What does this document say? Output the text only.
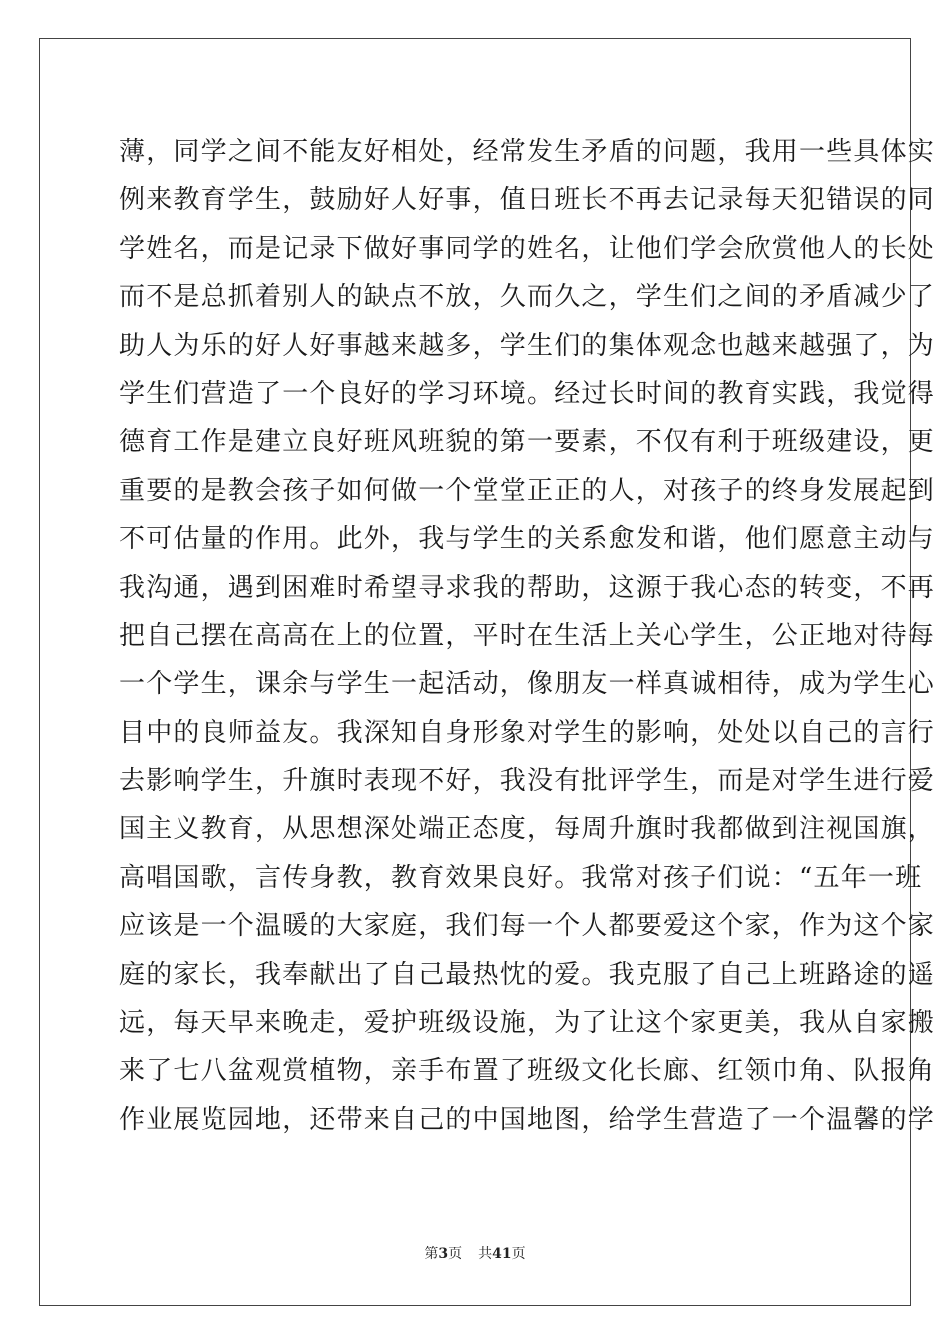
薄，同学之间不能友好相处，经常发生矛盾的问题，我用一些具体实
例来教育学生，鼓励好人好事，值日班长不再去记录每天犯错误的同
学姓名，而是记录下做好事同学的姓名，让他们学会欣赏他人的长处
而不是总抓着别人的缺点不放，久而久之，学生们之间的矛盾减少了
助人为乐的好人好事越来越多，学生们的集体观念也越来越强了，为
学生们营造了一个良好的学习环境。经过长时间的教育实践，我觉得
德育工作是建立良好班风班貌的第一要素，不仅有利于班级建设，更
重要的是教会孩子如何做一个堂堂正正的人，对孩子的终身发展起到
不可估量的作用。此外，我与学生的关系愈发和谐，他们愿意主动与
我沟通，遇到困难时希望寻求我的帮助，这源于我心态的转变，不再
把自己摆在高高在上的位置，平时在生活上关心学生，公正地对待每
一个学生，课余与学生一起活动，像朋友一样真诚相待，成为学生心
目中的良师益友。我深知自身形象对学生的影响，处处以自己的言行
去影响学生，升旗时表现不好，我没有批评学生，而是对学生进行爱
国主义教育，从思想深处端正态度，每周升旗时我都做到注视国旗，
高唱国歌，言传身教，教育效果良好。我常对孩子们说：“五年一班
应该是一个温暖的大家庭，我们每一个人都要爱这个家，作为这个家
庭的家长，我奉献出了自己最热忱的爱。我克服了自己上班路途的遥
远，每天早来晚走，爱护班级设施，为了让这个家更美，我从自家搬
来了七八盆观赏植物，亲手布置了班级文化长廊、红领巾角、队报角
作业展览园地，还带来自己的中国地图，给学生营造了一个温馨的学
第3页 共41页
